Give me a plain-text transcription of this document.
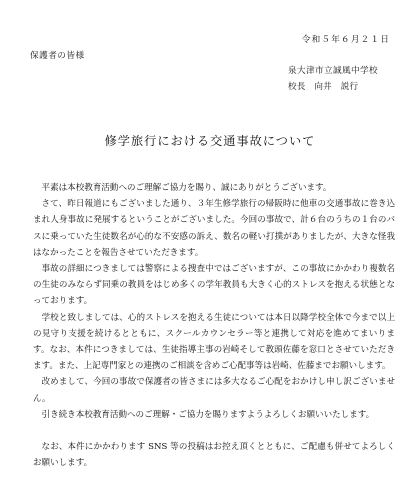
令和５年６月２１日
保護者の皆様
泉大津市立誠風中学校
校長　向井　説行
修学旅行における交通事故について

平素は本校教育活動へのご理解ご協力を賜り、誠にありがとうございます。

さて、昨日報道にもございました通り、３年生修学旅行の帰阪時に他車の交通事故に巻き込まれ人身事故に発展するということがございました。今回の事故で、計６台のうちの１台のバスに乗っていた生徒数名が心的な不安感の訴え、数名の軽い打撲がありましたが、大きな怪我はなかったことを報告させていただきます。

事故の詳細につきましては警察による捜査中ではございますが、この事故にかかわり複数名の生徒のみならず同乗の教員をはじめ多くの学年教員も大きく心的ストレスを抱える状態となっております。

学校と致しましては、心的ストレスを抱える生徒については本日以降学校全体で今まで以上の見守り支援を続けるとともに、スクールカウンセラー等と連携して対応を進めてまいります。なお、本件につきましては、生徒指導主事の岩崎そして教頭佐藤を窓口とさせていただきます。また、上記専門家との連携のご相談を含めご心配事等は岩崎、佐藤までお願いします。

改めまして、今回の事故で保護者の皆さまには多大なるご心配をおかけし申し訳ございません。

引き続き本校教育活動へのご理解・ご協力を賜りますようよろしくお願いいたします。

なお、本件にかかわります SNS 等の投稿はお控え頂くとともに、ご配慮も併せてよろしくお願いします。
